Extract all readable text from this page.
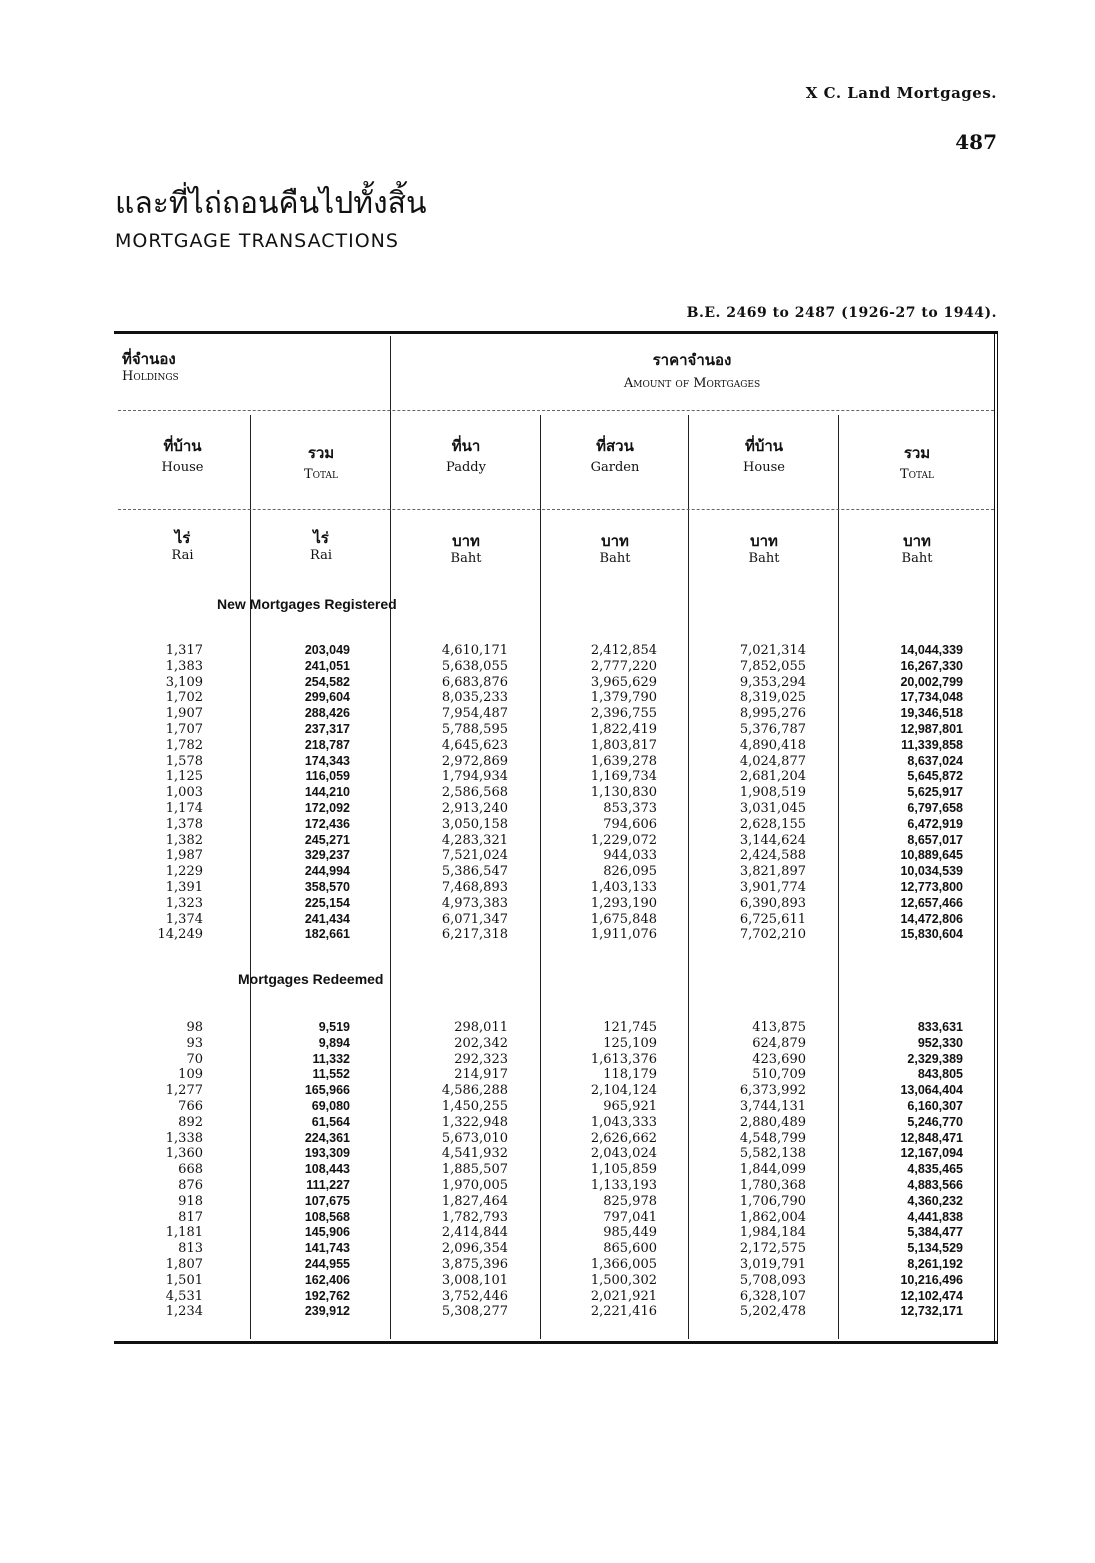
X C. Land Mortgages.
487
และที่ไถ่ถอนคืนไปทั้งสิ้น
MORTGAGE TRANSACTIONS
B.E. 2469 to 2487 (1926-27 to 1944).
ที่จำนอง
Holdings
ราคาจำนอง
Amount of Mortgages
ที่บ้าน
House
รวม
Total
ที่นา
Paddy
ที่สวน
Garden
ที่บ้าน
House
รวม
Total
ไร่
Rai
ไร่
Rai
บาท
Baht
บาท
Baht
บาท
Baht
บาท
Baht
New Mortgages Registered
Mortgages Redeemed
1,317
1,383
3,109
1,702
1,907
1,707
1,782
1,578
1,125
1,003
1,174
1,378
1,382
1,987
1,229
1,391
1,323
1,374
14,249
203,049
241,051
254,582
299,604
288,426
237,317
218,787
174,343
116,059
144,210
172,092
172,436
245,271
329,237
244,994
358,570
225,154
241,434
182,661
4,610,171
5,638,055
6,683,876
8,035,233
7,954,487
5,788,595
4,645,623
2,972,869
1,794,934
2,586,568
2,913,240
3,050,158
4,283,321
7,521,024
5,386,547
7,468,893
4,973,383
6,071,347
6,217,318
2,412,854
2,777,220
3,965,629
1,379,790
2,396,755
1,822,419
1,803,817
1,639,278
1,169,734
1,130,830
853,373
794,606
1,229,072
944,033
826,095
1,403,133
1,293,190
1,675,848
1,911,076
7,021,314
7,852,055
9,353,294
8,319,025
8,995,276
5,376,787
4,890,418
4,024,877
2,681,204
1,908,519
3,031,045
2,628,155
3,144,624
2,424,588
3,821,897
3,901,774
6,390,893
6,725,611
7,702,210
14,044,339
16,267,330
20,002,799
17,734,048
19,346,518
12,987,801
11,339,858
8,637,024
5,645,872
5,625,917
6,797,658
6,472,919
8,657,017
10,889,645
10,034,539
12,773,800
12,657,466
14,472,806
15,830,604
98
93
70
109
1,277
766
892
1,338
1,360
668
876
918
817
1,181
813
1,807
1,501
4,531
1,234
9,519
9,894
11,332
11,552
165,966
69,080
61,564
224,361
193,309
108,443
111,227
107,675
108,568
145,906
141,743
244,955
162,406
192,762
239,912
298,011
202,342
292,323
214,917
4,586,288
1,450,255
1,322,948
5,673,010
4,541,932
1,885,507
1,970,005
1,827,464
1,782,793
2,414,844
2,096,354
3,875,396
3,008,101
3,752,446
5,308,277
121,745
125,109
1,613,376
118,179
2,104,124
965,921
1,043,333
2,626,662
2,043,024
1,105,859
1,133,193
825,978
797,041
985,449
865,600
1,366,005
1,500,302
2,021,921
2,221,416
413,875
624,879
423,690
510,709
6,373,992
3,744,131
2,880,489
4,548,799
5,582,138
1,844,099
1,780,368
1,706,790
1,862,004
1,984,184
2,172,575
3,019,791
5,708,093
6,328,107
5,202,478
833,631
952,330
2,329,389
843,805
13,064,404
6,160,307
5,246,770
12,848,471
12,167,094
4,835,465
4,883,566
4,360,232
4,441,838
5,384,477
5,134,529
8,261,192
10,216,496
12,102,474
12,732,171
